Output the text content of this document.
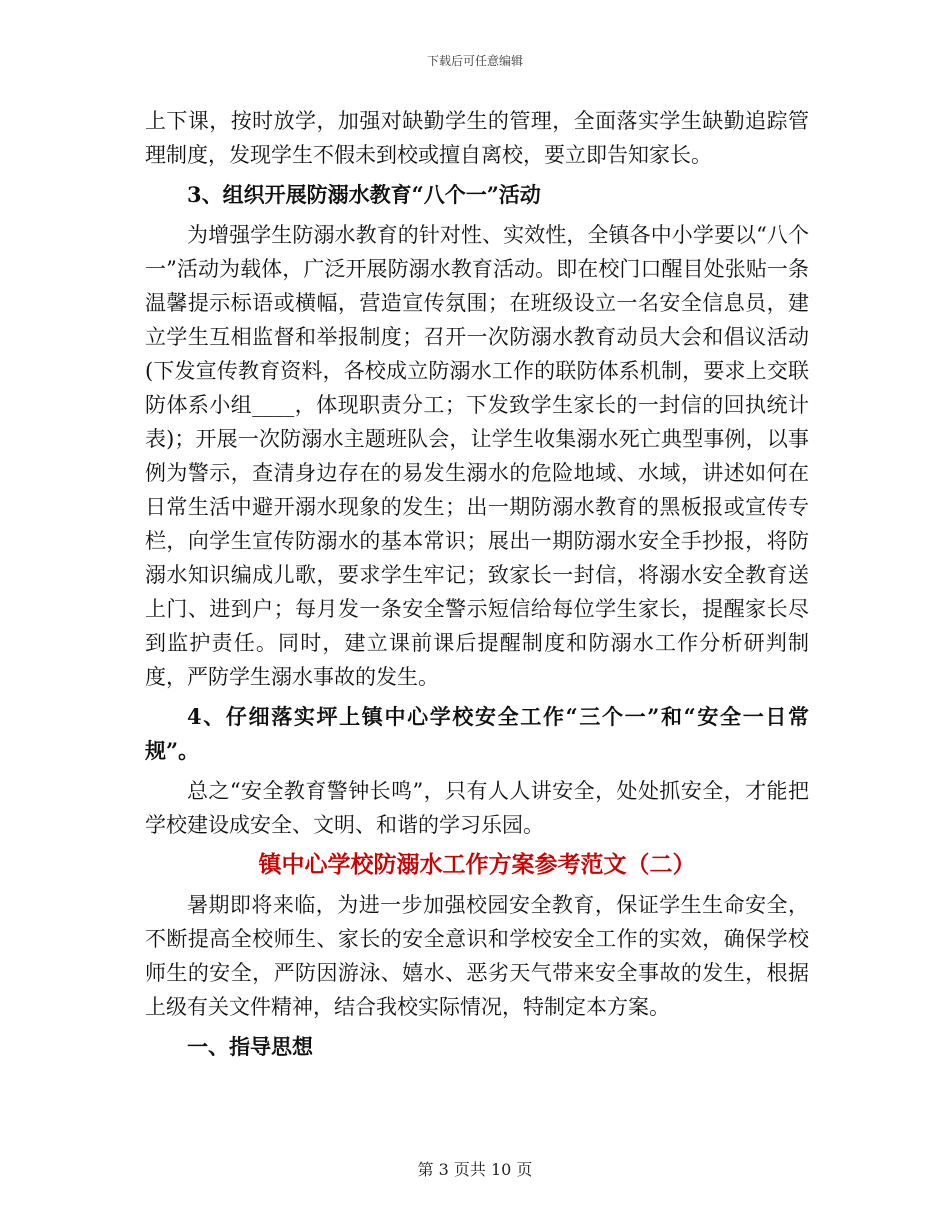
下载后可任意编辑

上下课，按时放学，加强对缺勤学生的管理，全面落实学生缺勤追踪管理制度，发现学生不假未到校或擅自离校，要立即告知家长。

3、组织开展防溺水教育“八个一”活动

为增强学生防溺水教育的针对性、实效性，全镇各中小学要以“八个一”活动为载体，广泛开展防溺水教育活动。即在校门口醒目处张贴一条温馨提示标语或横幅，营造宣传氛围；在班级设立一名安全信息员，建立学生互相监督和举报制度；召开一次防溺水教育动员大会和倡议活动(下发宣传教育资料，各校成立防溺水工作的联防体系机制，要求上交联防体系小组____，体现职责分工；下发致学生家长的一封信的回执统计表)；开展一次防溺水主题班队会，让学生收集溺水死亡典型事例，以事例为警示，查清身边存在的易发生溺水的危险地域、水域，讲述如何在日常生活中避开溺水现象的发生；出一期防溺水教育的黑板报或宣传专栏，向学生宣传防溺水的基本常识；展出一期防溺水安全手抄报，将防溺水知识编成儿歌，要求学生牢记；致家长一封信，将溺水安全教育送上门、进到户；每月发一条安全警示短信给每位学生家长，提醒家长尽到监护责任。同时，建立课前课后提醒制度和防溺水工作分析研判制度，严防学生溺水事故的发生。

4、仔细落实坪上镇中心学校安全工作“三个一”和“安全一日常规”。

总之“安全教育警钟长鸣”，只有人人讲安全，处处抓安全，才能把学校建设成安全、文明、和谐的学习乐园。

镇中心学校防溺水工作方案参考范文（二）

暑期即将来临，为进一步加强校园安全教育，保证学生生命安全，不断提高全校师生、家长的安全意识和学校安全工作的实效，确保学校师生的安全，严防因游泳、嬉水、恶劣天气带来安全事故的发生，根据上级有关文件精神，结合我校实际情况，特制定本方案。

一、指导思想

第 3 页共 10 页
